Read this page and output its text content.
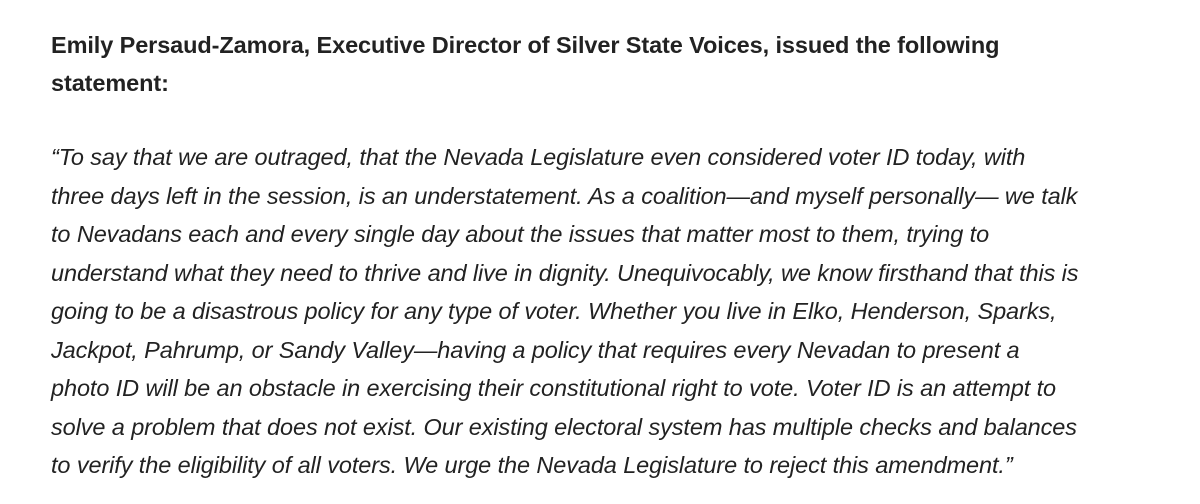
Emily Persaud-Zamora, Executive Director of Silver State Voices, issued the following
statement:

“To say that we are outraged, that the Nevada Legislature even considered voter ID today, with
three days left in the session, is an understatement. As a coalition—and myself personally— we talk
to Nevadans each and every single day about the issues that matter most to them, trying to
understand what they need to thrive and live in dignity. Unequivocably, we know firsthand that this is
going to be a disastrous policy for any type of voter. Whether you live in Elko, Henderson, Sparks,
Jackpot, Pahrump, or Sandy Valley—having a policy that requires every Nevadan to present a
photo ID will be an obstacle in exercising their constitutional right to vote. Voter ID is an attempt to
solve a problem that does not exist. Our existing electoral system has multiple checks and balances
to verify the eligibility of all voters. We urge the Nevada Legislature to reject this amendment.”
